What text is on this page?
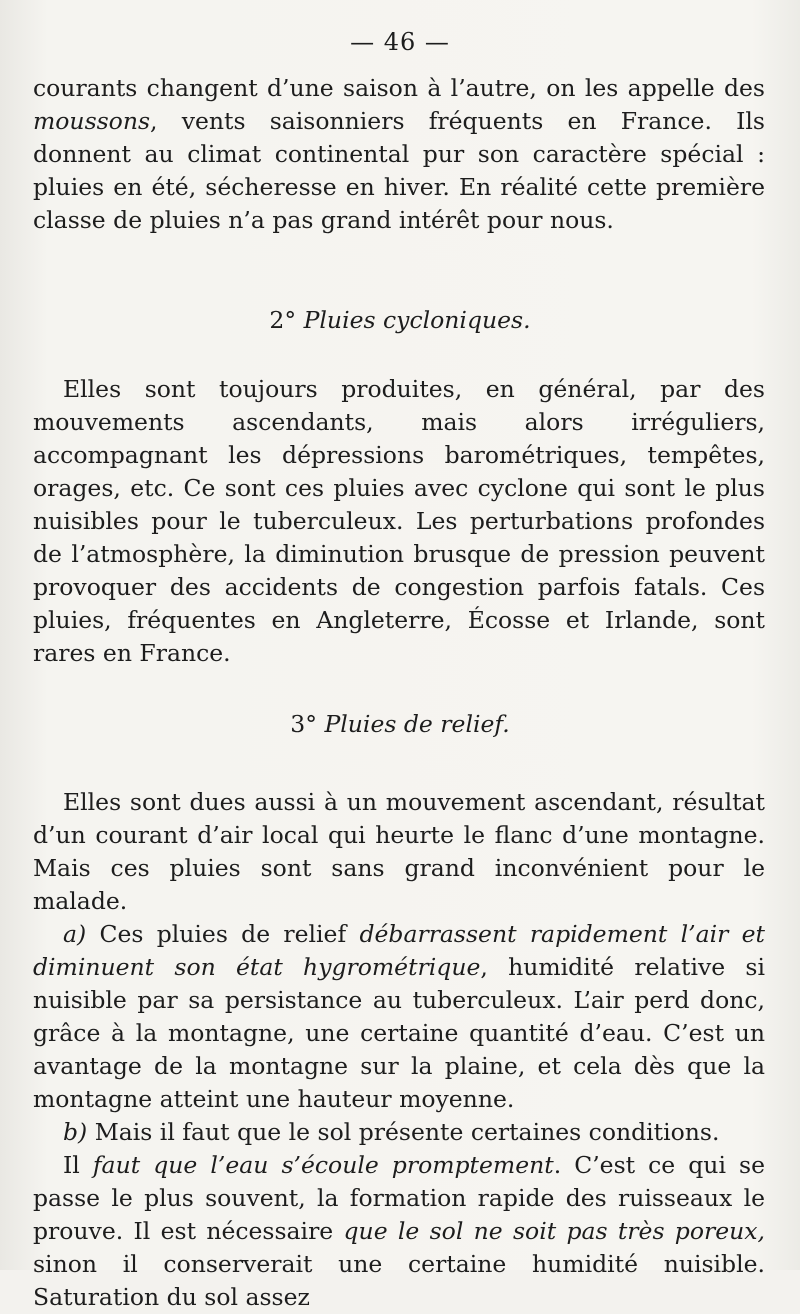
— 46 —

courants changent d’une saison à l’autre, on les appelle des moussons, vents saisonniers fréquents en France. Ils donnent au climat continental pur son caractère spécial : pluies en été, sécheresse en hiver. En réalité cette première classe de pluies n’a pas grand intérêt pour nous.

2° Pluies cycloniques.

Elles sont toujours produites, en général, par des mouvements ascendants, mais alors irréguliers, accompagnant les dépressions barométriques, tempêtes, orages, etc. Ce sont ces pluies avec cyclone qui sont le plus nuisibles pour le tuberculeux. Les perturbations profondes de l’atmosphère, la diminution brusque de pression peuvent provoquer des accidents de congestion parfois fatals. Ces pluies, fréquentes en Angleterre, Écosse et Irlande, sont rares en France.

3° Pluies de relief.

Elles sont dues aussi à un mouvement ascendant, résultat d’un courant d’air local qui heurte le flanc d’une montagne. Mais ces pluies sont sans grand inconvénient pour le malade.

a) Ces pluies de relief débarrassent rapidement l’air et diminuent son état hygrométrique, humidité relative si nuisible par sa persistance au tuberculeux. L’air perd donc, grâce à la montagne, une certaine quantité d’eau. C’est un avantage de la montagne sur la plaine, et cela dès que la montagne atteint une hauteur moyenne.

b) Mais il faut que le sol présente certaines conditions.

Il faut que l’eau s’écoule promptement. C’est ce qui se passe le plus souvent, la formation rapide des ruisseaux le prouve. Il est nécessaire que le sol ne soit pas très poreux, sinon il conserverait une certaine humidité nuisible. Saturation du sol assez
